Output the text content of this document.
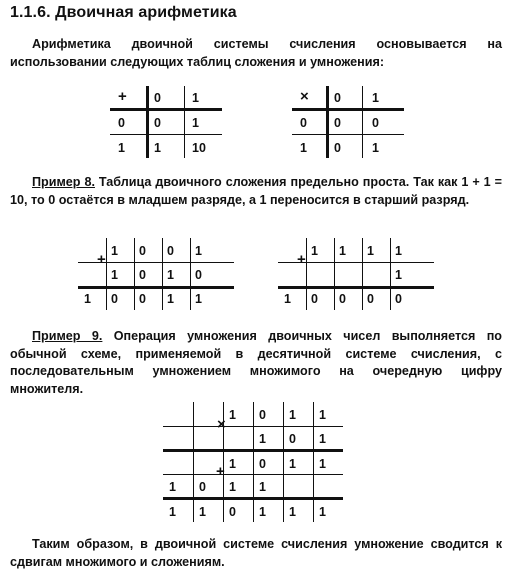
1.1.6. Двоичная арифметика

Арифметика двоичной системы счисления основывается на использовании следующих таблиц сложения и умножения:

+ 0 1
0 0 1
1 1 10
× 0 1
0 0 0
1 0 1

Пример 8. Таблица двоичного сложения предельно проста. Так как 1 + 1 = 10, то 0 остаётся в младшем разряде, а 1 переносится в старший разряд.

+ 1 0 0 1
1 0 1 0
1 0 0 1 1
+ 1 1 1 1
1
1 0 0 0 0

Пример 9. Операция умножения двоичных чисел выполняется по обычной схеме, применяемой в десятичной системе счисления, с последовательным умножением множимого на очередную цифру множителя.

×
+
1 0 1 1
1 0 1
1 0 1 1
1 0 1 1
1 1 0 1 1 1

Таким образом, в двоичной системе счисления умножение сводится к сдвигам множимого и сложениям.
